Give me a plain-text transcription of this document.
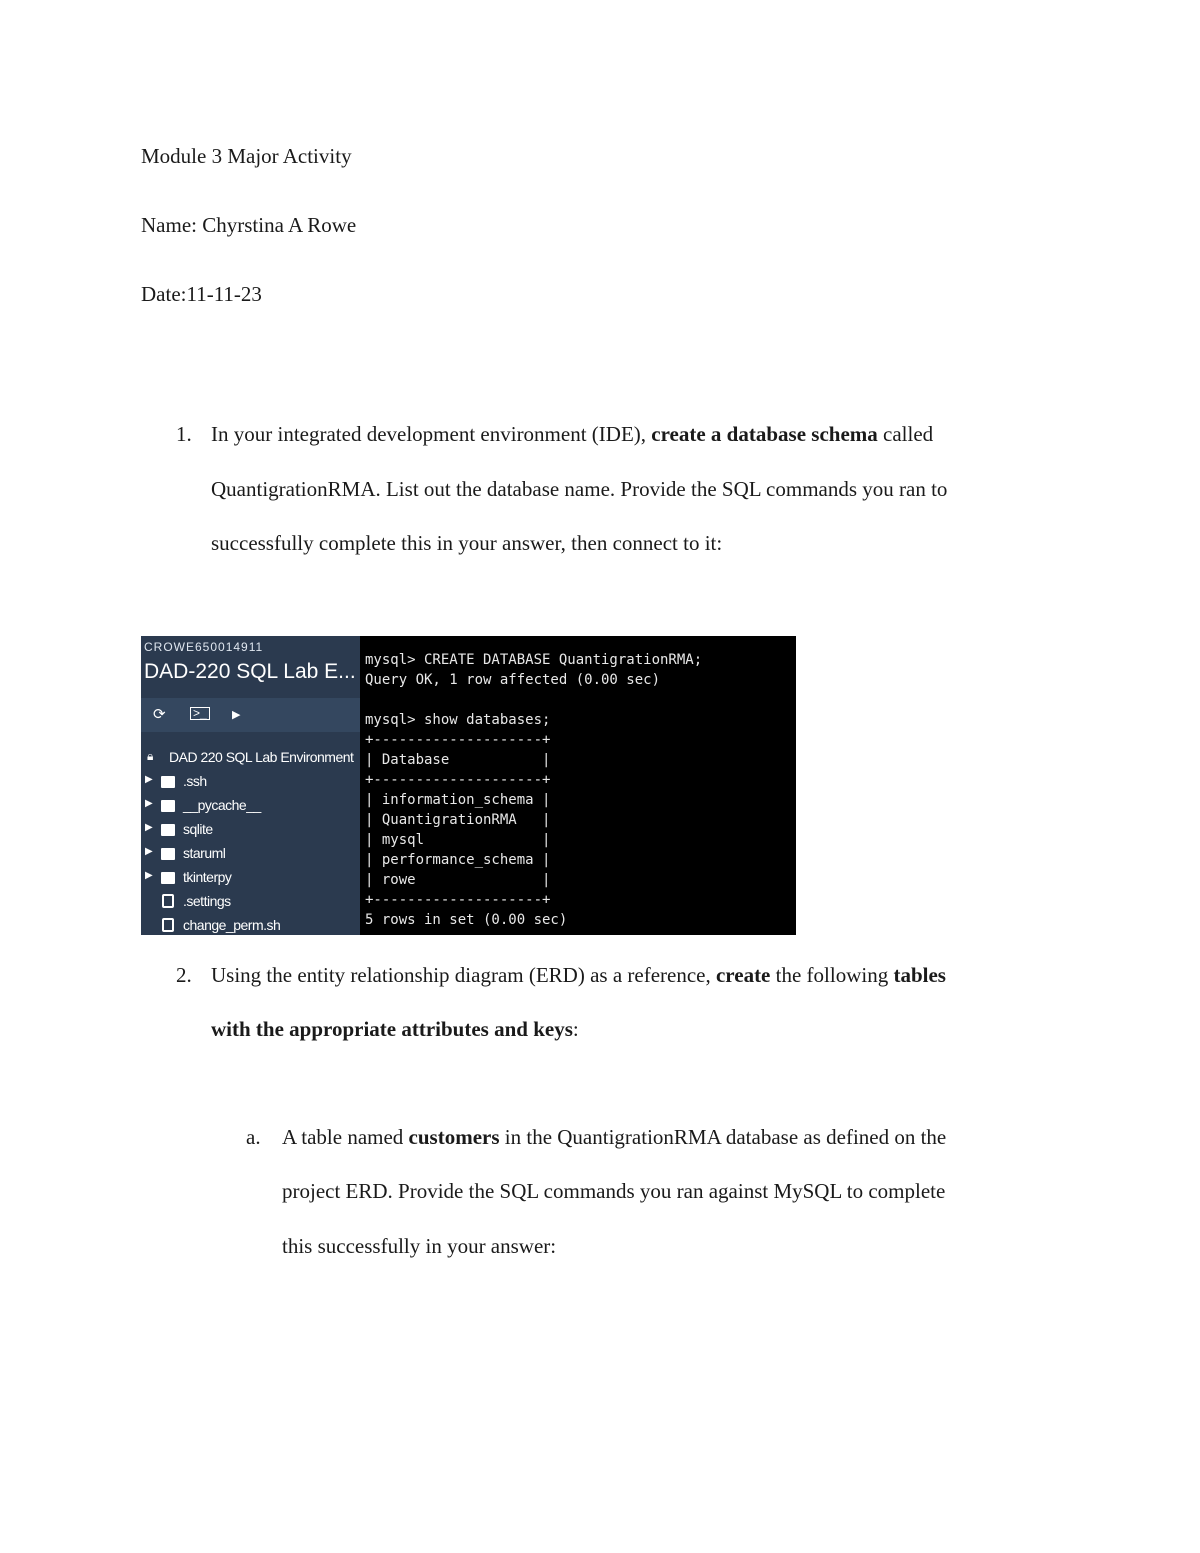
Module 3 Major Activity
Name: Chyrstina A Rowe
Date:11-11-23
1. In your integrated development environment (IDE), create a database schema called
QuantigrationRMA. List out the database name. Provide the SQL commands you ran to
successfully complete this in your answer, then connect to it:
CROWE650014911
DAD-220 SQL Lab E...
⟳ >_ ▶
🔒︎ DAD 220 SQL Lab Environment
▶ .ssh
▶ __pycache__
▶ sqlite
▶ staruml
▶ tkinterpy
.settings
change_perm.sh
mysql> CREATE DATABASE QuantigrationRMA;
Query OK, 1 row affected (0.00 sec)
mysql> show databases;
+--------------------+
| Database           |
+--------------------+
| information_schema |
| QuantigrationRMA   |
| mysql              |
| performance_schema |
| rowe               |
+--------------------+
5 rows in set (0.00 sec)
2. Using the entity relationship diagram (ERD) as a reference, create the following tables
with the appropriate attributes and keys:
a. A table named customers in the QuantigrationRMA database as defined on the
project ERD. Provide the SQL commands you ran against MySQL to complete
this successfully in your answer:
